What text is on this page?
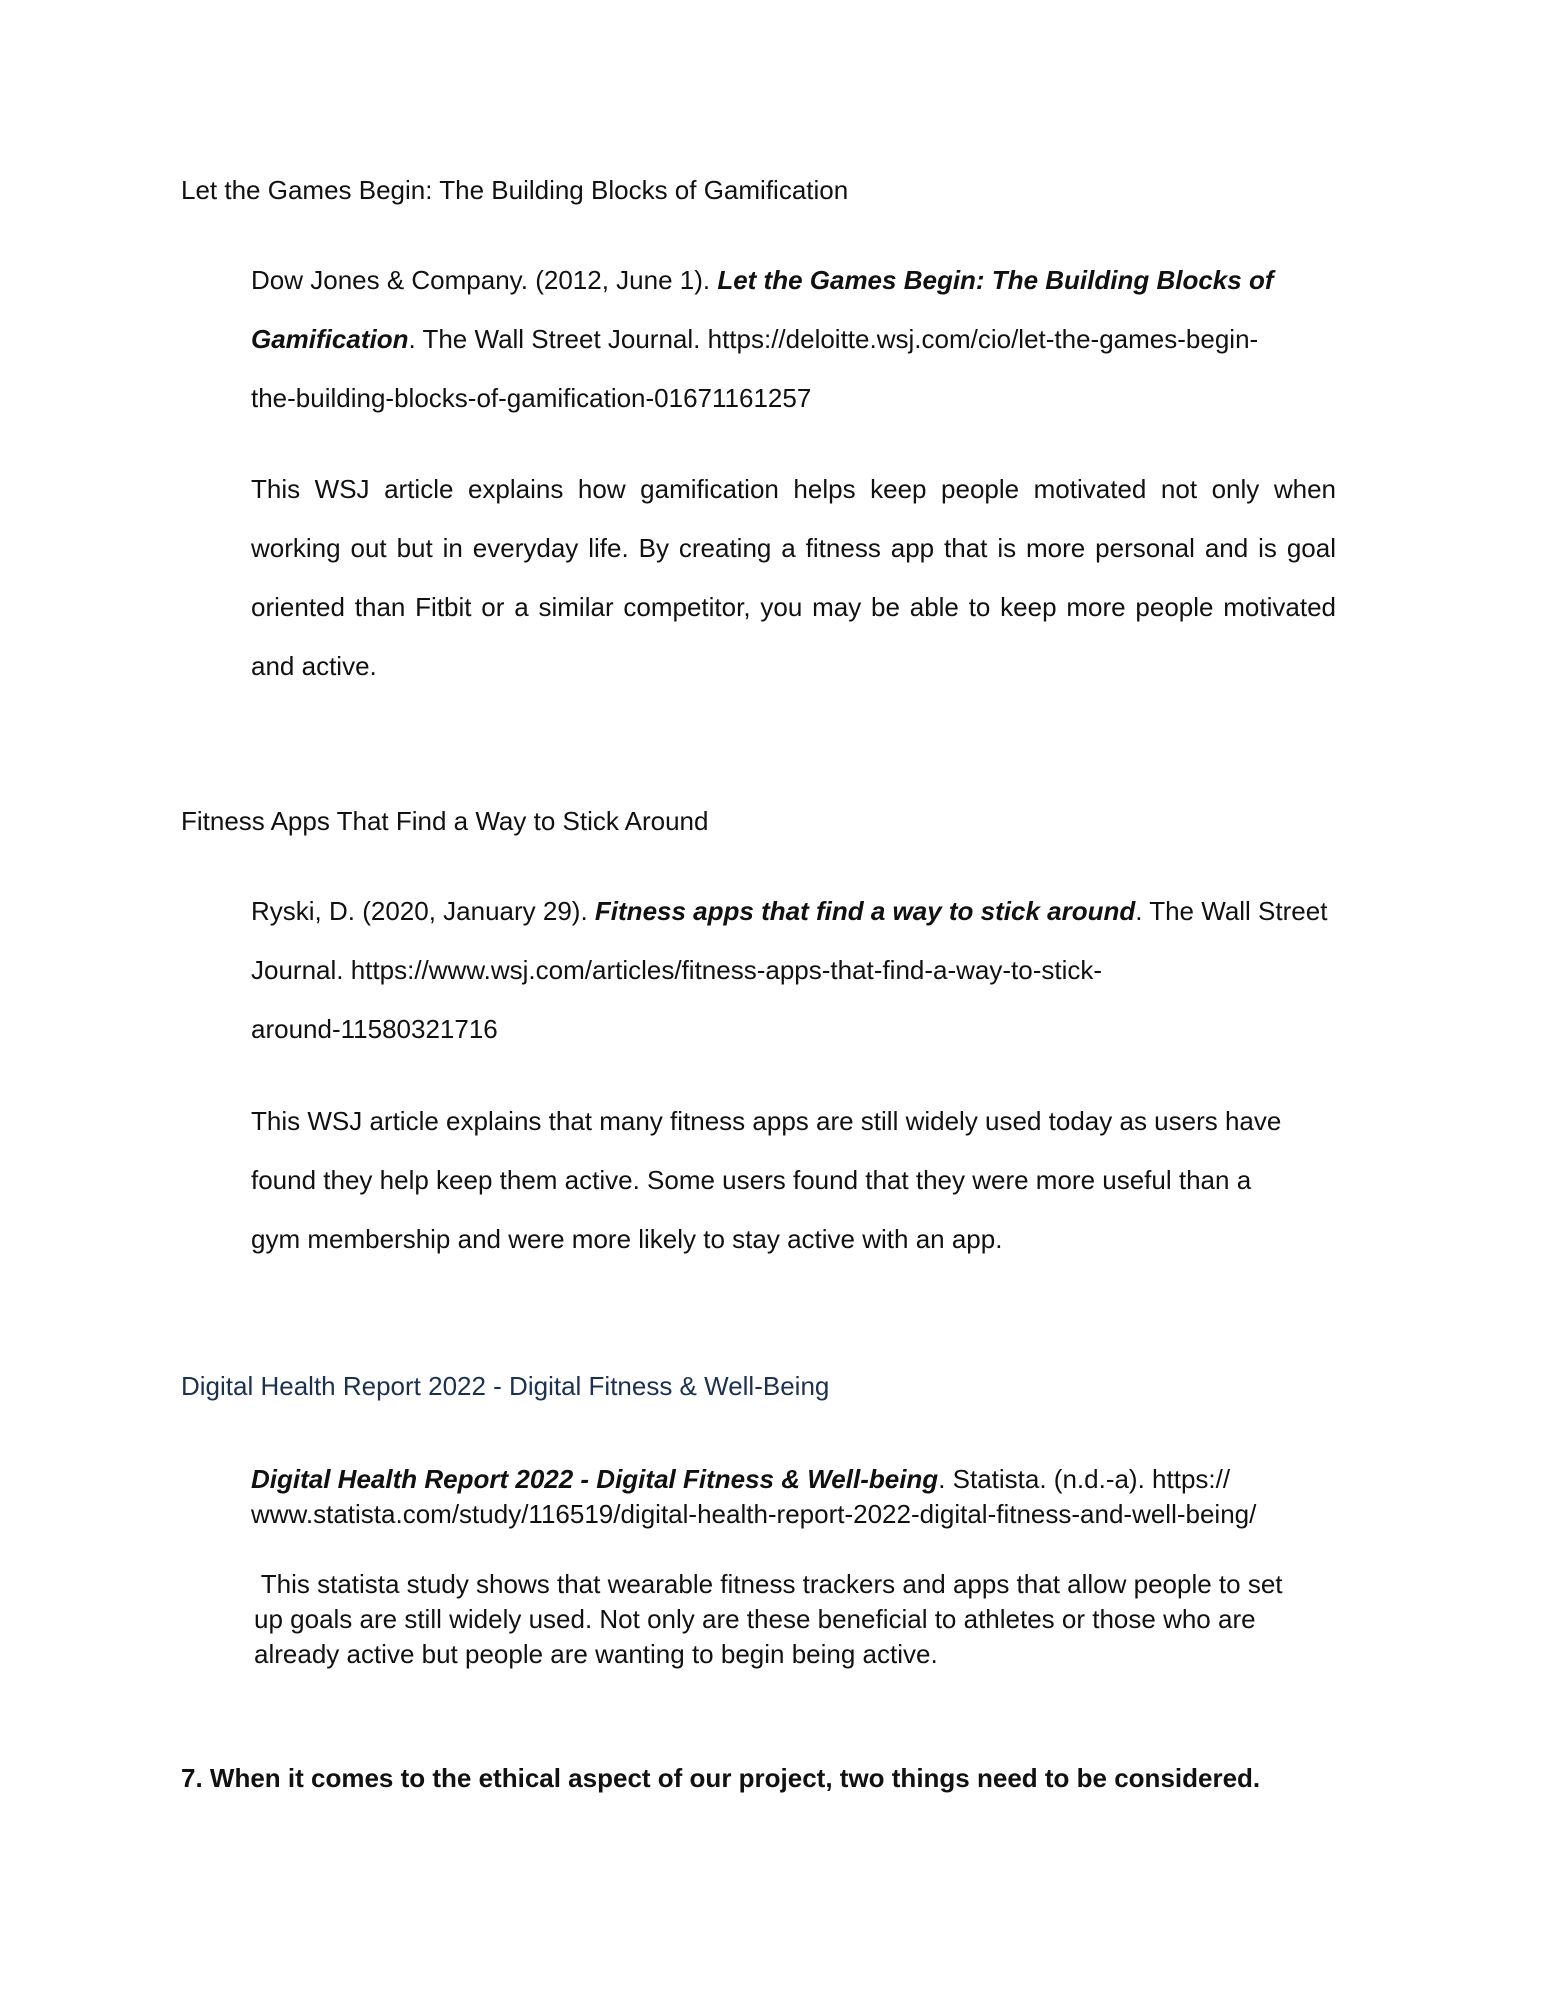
Let the Games Begin: The Building Blocks of Gamification
Dow Jones & Company. (2012, June 1). Let the Games Begin: The Building Blocks of
Gamification. The Wall Street Journal. https://deloitte.wsj.com/cio/let-the-games-begin-
the-building-blocks-of-gamification-01671161257
This WSJ article explains how gamification helps keep people motivated not only when working out but in everyday life. By creating a fitness app that is more personal and is goal oriented than Fitbit or a similar competitor, you may be able to keep more people motivated and active.
Fitness Apps That Find a Way to Stick Around
Ryski, D. (2020, January 29). Fitness apps that find a way to stick around. The Wall Street
Journal. https://www.wsj.com/articles/fitness-apps-that-find-a-way-to-stick-
around-11580321716
This WSJ article explains that many fitness apps are still widely used today as users have
found they help keep them active. Some users found that they were more useful than a
gym membership and were more likely to stay active with an app.
Digital Health Report 2022 - Digital Fitness & Well-Being
Digital Health Report 2022 - Digital Fitness & Well-being. Statista. (n.d.-a). https://
www.statista.com/study/116519/digital-health-report-2022-digital-fitness-and-well-being/
This statista study shows that wearable fitness trackers and apps that allow people to set
up goals are still widely used. Not only are these beneficial to athletes or those who are
already active but people are wanting to begin being active.
7. When it comes to the ethical aspect of our project, two things need to be considered.
